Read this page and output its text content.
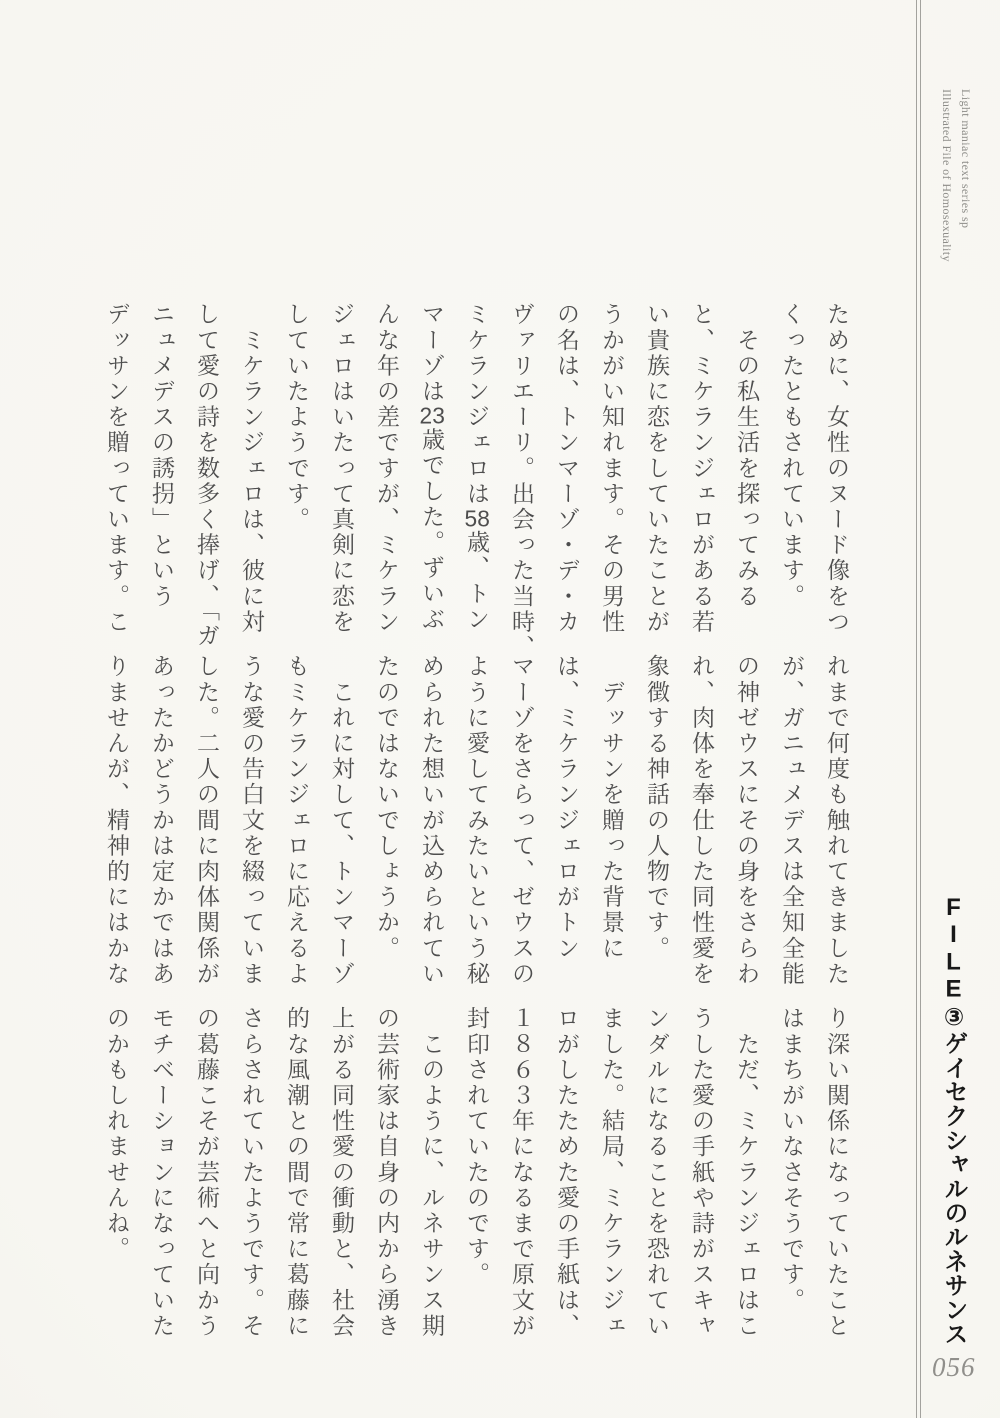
ために、女性のヌード像をつ
くったともされています。
　その私生活を探ってみる
と、ミケランジェロがある若
い貴族に恋をしていたことが
うかがい知れます。その男性
の名は、トンマーゾ・デ・カ
ヴァリエーリ。出会った当時、
ミケランジェロは58歳、トン
マーゾは23歳でした。ずいぶ
んな年の差ですが、ミケラン
ジェロはいたって真剣に恋を
していたようです。
　ミケランジェロは、彼に対
して愛の詩を数多く捧げ、「ガ
ニュメデスの誘拐」という
デッサンを贈っています。こ
れまで何度も触れてきました
が、ガニュメデスは全知全能
の神ゼウスにその身をさらわ
れ、肉体を奉仕した同性愛を
象徴する神話の人物です。
　デッサンを贈った背景に
は、ミケランジェロがトン
マーゾをさらって、ゼウスの
ように愛してみたいという秘
められた想いが込められてい
たのではないでしょうか。
　これに対して、トンマーゾ
もミケランジェロに応えるよ
うな愛の告白文を綴っていま
した。二人の間に肉体関係が
あったかどうかは定かではあ
りませんが、精神的にはかな
り深い関係になっていたこと
はまちがいなさそうです。
　ただ、ミケランジェロはこ
うした愛の手紙や詩がスキャ
ンダルになることを恐れてい
ました。結局、ミケランジェ
ロがしたためた愛の手紙は、
１８６３年になるまで原文が
封印されていたのです。
　このように、ルネサンス期
の芸術家は自身の内から湧き
上がる同性愛の衝動と、社会
的な風潮との間で常に葛藤に
さらされていたようです。そ
の葛藤こそが芸術へと向かう
モチベーションになっていた
のかもしれませんね。
Light maniac text series sp
Illustrated File of Homosexuality
FILE③ゲイセクシャルのルネサンス
056
